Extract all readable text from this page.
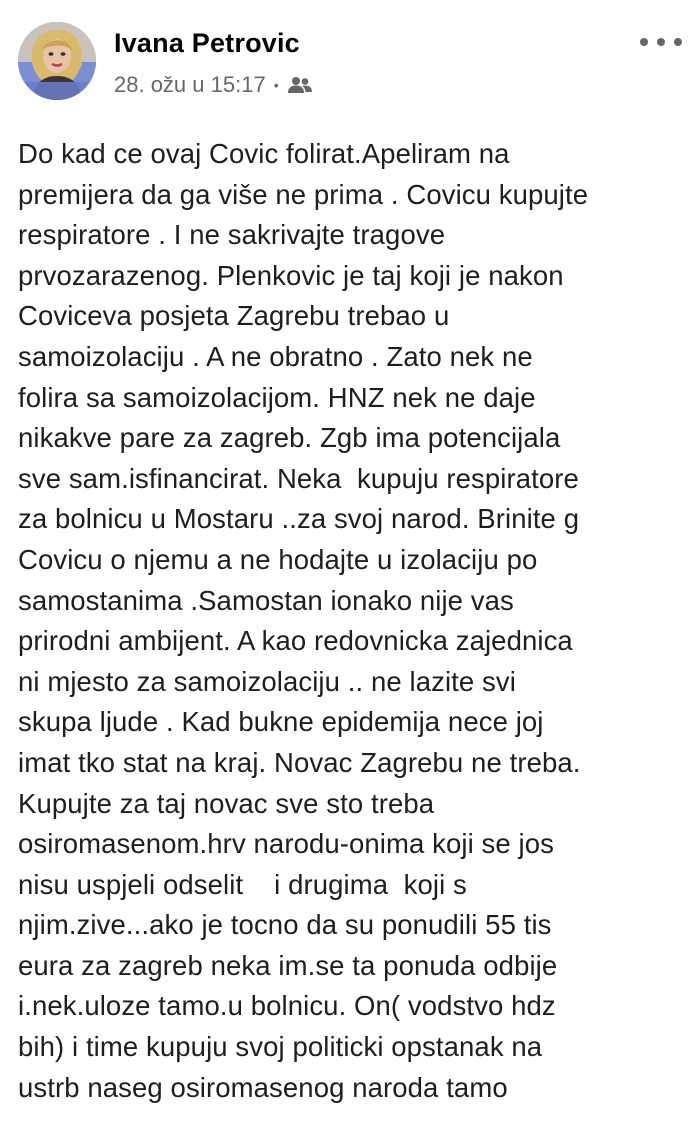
Ivana Petrovic
28. ožu u 15:17 •
Do kad ce ovaj Covic folirat.Apeliram na
premijera da ga više ne prima . Covicu kupujte
respiratore . I ne sakrivajte tragove
prvozarazenog. Plenkovic je taj koji je nakon
Coviceva posjeta Zagrebu trebao u
samoizolaciju . A ne obratno . Zato nek ne
folira sa samoizolacijom. HNZ nek ne daje
nikakve pare za zagreb. Zgb ima potencijala
sve sam.isfinancirat. Neka  kupuju respiratore
za bolnicu u Mostaru ..za svoj narod. Brinite g
Covicu o njemu a ne hodajte u izolaciju po
samostanima .Samostan ionako nije vas
prirodni ambijent. A kao redovnicka zajednica
ni mjesto za samoizolaciju .. ne lazite svi
skupa ljude . Kad bukne epidemija nece joj
imat tko stat na kraj. Novac Zagrebu ne treba.
Kupujte za taj novac sve sto treba
osiromasenom.hrv narodu-onima koji se jos
nisu uspjeli odselit    i drugima  koji s
njim.zive...ako je tocno da su ponudili 55 tis
eura za zagreb neka im.se ta ponuda odbije
i.nek.uloze tamo.u bolnicu. On( vodstvo hdz
bih) i time kupuju svoj politicki opstanak na
ustrb naseg osiromasenog naroda tamo
